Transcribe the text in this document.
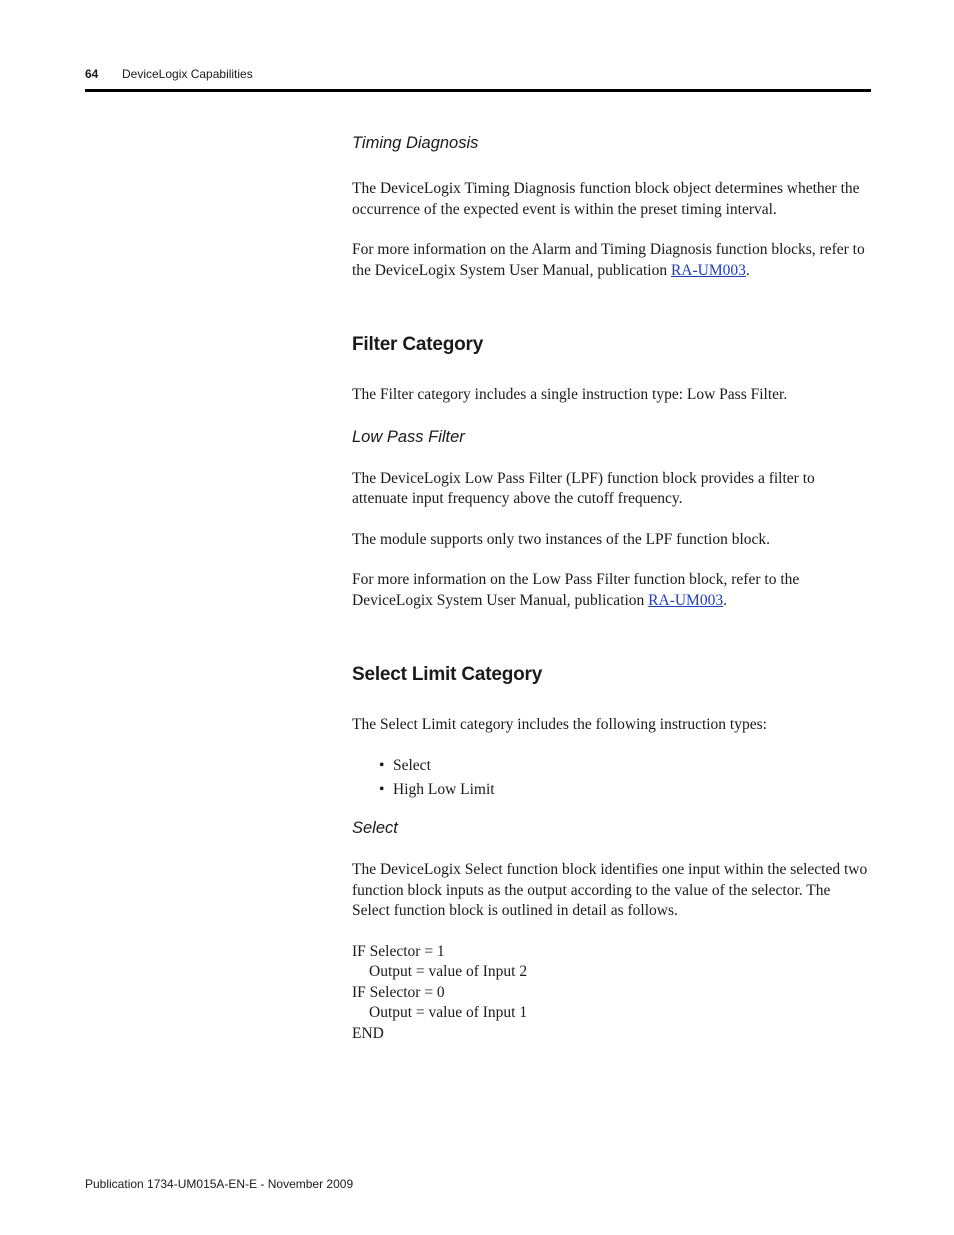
64 DeviceLogix Capabilities

Timing Diagnosis

The DeviceLogix Timing Diagnosis function block object determines whether the occurrence of the expected event is within the preset timing interval.

For more information on the Alarm and Timing Diagnosis function blocks, refer to the DeviceLogix System User Manual, publication RA-UM003.

Filter Category

The Filter category includes a single instruction type: Low Pass Filter.

Low Pass Filter

The DeviceLogix Low Pass Filter (LPF) function block provides a filter to attenuate input frequency above the cutoff frequency.

The module supports only two instances of the LPF function block.

For more information on the Low Pass Filter function block, refer to the DeviceLogix System User Manual, publication RA-UM003.

Select Limit Category

The Select Limit category includes the following instruction types:

• Select
• High Low Limit

Select

The DeviceLogix Select function block identifies one input within the selected two function block inputs as the output according to the value of the selector. The Select function block is outlined in detail as follows.

IF Selector = 1

Output = value of Input 2

IF Selector = 0

Output = value of Input 1

END

Publication 1734-UM015A-EN-E - November 2009
